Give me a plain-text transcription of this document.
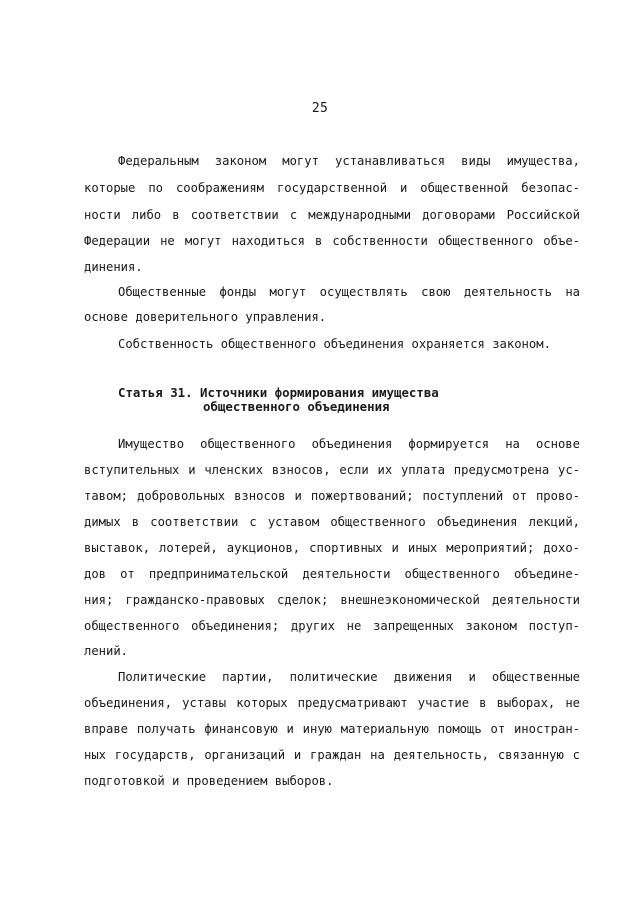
25
Федеральным законом могут устанавливаться виды имущества,
которые по соображениям государственной и общественной безопас-
ности либо в соответствии с международными договорами Российской
Федерации не могут находиться в собственности общественного объе-
динения.
Общественные фонды могут осуществлять свою деятельность на
основе доверительного управления.
Собственность общественного объединения охраняется законом.
Статья 31. Источники формирования имущества
общественного объединения
Имущество общественного объединения формируется на основе
вступительных и членских взносов, если их уплата предусмотрена ус-
тавом; добровольных взносов и пожертвований; поступлений от прово-
димых в соответствии с уставом общественного объединения лекций,
выставок, лотерей, аукционов, спортивных и иных мероприятий; дохо-
дов от предпринимательской деятельности общественного объедине-
ния; гражданско-правовых сделок; внешнеэкономической деятельности
общественного объединения; других не запрещенных законом поступ-
лений.
Политические партии, политические движения и общественные
объединения, уставы которых предусматривают участие в выборах, не
вправе получать финансовую и иную материальную помощь от иностран-
ных государств, организаций и граждан на деятельность, связанную с
подготовкой и проведением выборов.
